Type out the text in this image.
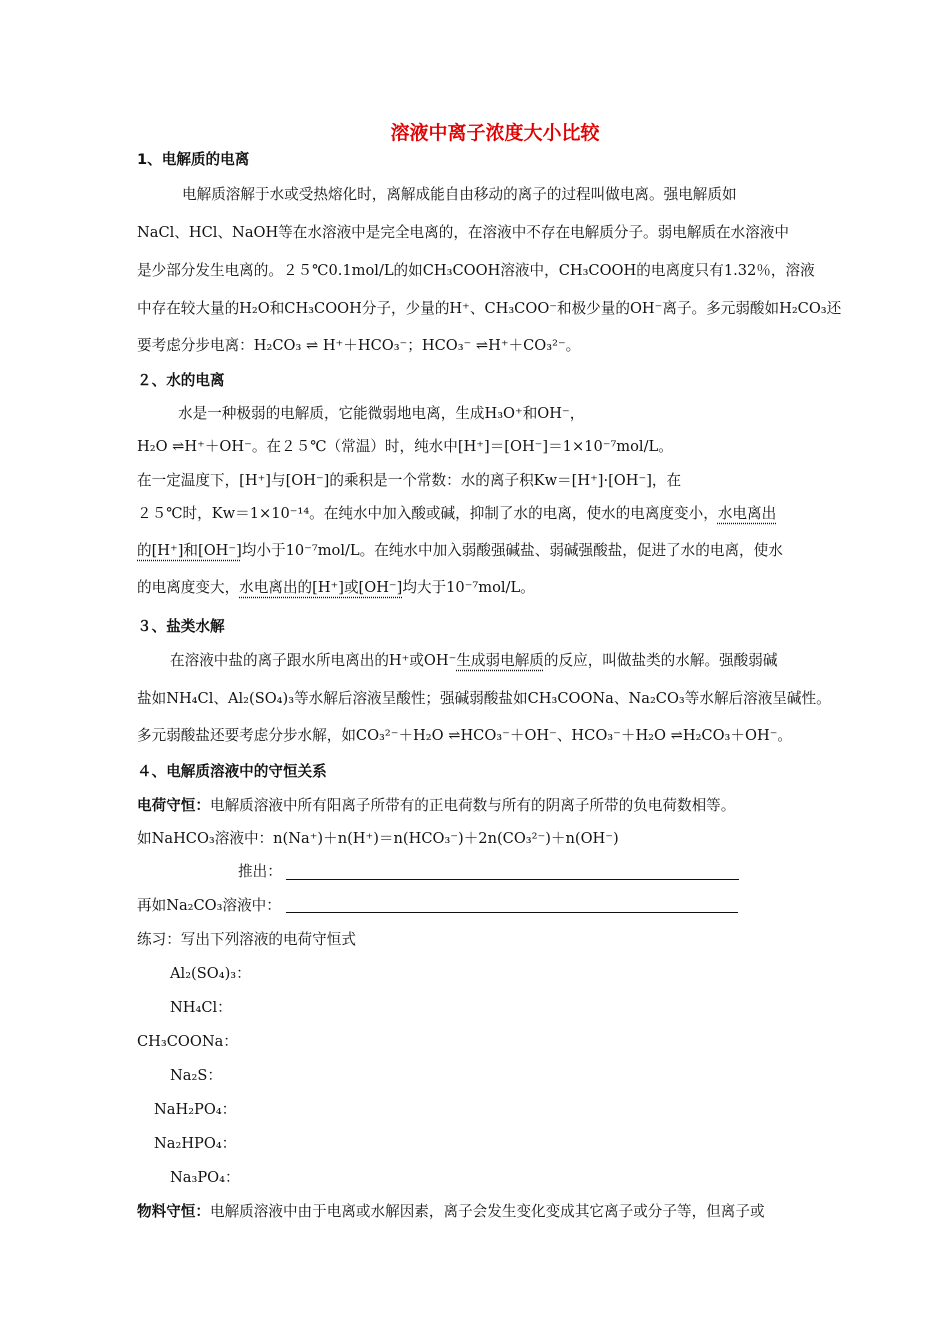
溶液中离子浓度大小比较
1、电解质的电离
电解质溶解于水或受热熔化时，离解成能自由移动的离子的过程叫做电离。强电解质如
NaCl、HCl、NaOH等在水溶液中是完全电离的，在溶液中不存在电解质分子。弱电解质在水溶液中
是少部分发生电离的。２５℃0.1mol/L的如CH₃COOH溶液中，CH₃COOH的电离度只有1.32％，溶液
中存在较大量的H₂O和CH₃COOH分子，少量的H⁺、CH₃COO⁻和极少量的OH⁻离子。多元弱酸如H₂CO₃还
要考虑分步电离：H₂CO₃ ⇌ H⁺＋HCO₃⁻；HCO₃⁻ ⇌H⁺＋CO₃²⁻。
２、水的电离
水是一种极弱的电解质，它能微弱地电离，生成H₃O⁺和OH⁻，
H₂O ⇌H⁺＋OH⁻。在２５℃（常温）时，纯水中[H⁺]＝[OH⁻]＝1×10⁻⁷mol/L。
在一定温度下，[H⁺]与[OH⁻]的乘积是一个常数：水的离子积Kw＝[H⁺]·[OH⁻]，在
２５℃时，Kw＝1×10⁻¹⁴。在纯水中加入酸或碱，抑制了水的电离，使水的电离度变小，水电离出
的[H⁺]和[OH⁻]均小于10⁻⁷mol/L。在纯水中加入弱酸强碱盐、弱碱强酸盐，促进了水的电离，使水
的电离度变大，水电离出的[H⁺]或[OH⁻]均大于10⁻⁷mol/L。
３、盐类水解
在溶液中盐的离子跟水所电离出的H⁺或OH⁻生成弱电解质的反应，叫做盐类的水解。强酸弱碱
盐如NH₄Cl、Al₂(SO₄)₃等水解后溶液呈酸性；强碱弱酸盐如CH₃COONa、Na₂CO₃等水解后溶液呈碱性。
多元弱酸盐还要考虑分步水解，如CO₃²⁻＋H₂O ⇌HCO₃⁻＋OH⁻、HCO₃⁻＋H₂O ⇌H₂CO₃＋OH⁻。
４、电解质溶液中的守恒关系
电荷守恒：电解质溶液中所有阳离子所带有的正电荷数与所有的阴离子所带的负电荷数相等。
如NaHCO₃溶液中：n(Na⁺)＋n(H⁺)＝n(HCO₃⁻)＋2n(CO₃²⁻)＋n(OH⁻)
推出：
再如Na₂CO₃溶液中：
练习：写出下列溶液的电荷守恒式
Al₂(SO₄)₃：
NH₄Cl：
CH₃COONa：
Na₂S：
NaH₂PO₄：
Na₂HPO₄：
Na₃PO₄：
物料守恒：电解质溶液中由于电离或水解因素，离子会发生变化变成其它离子或分子等，但离子或
